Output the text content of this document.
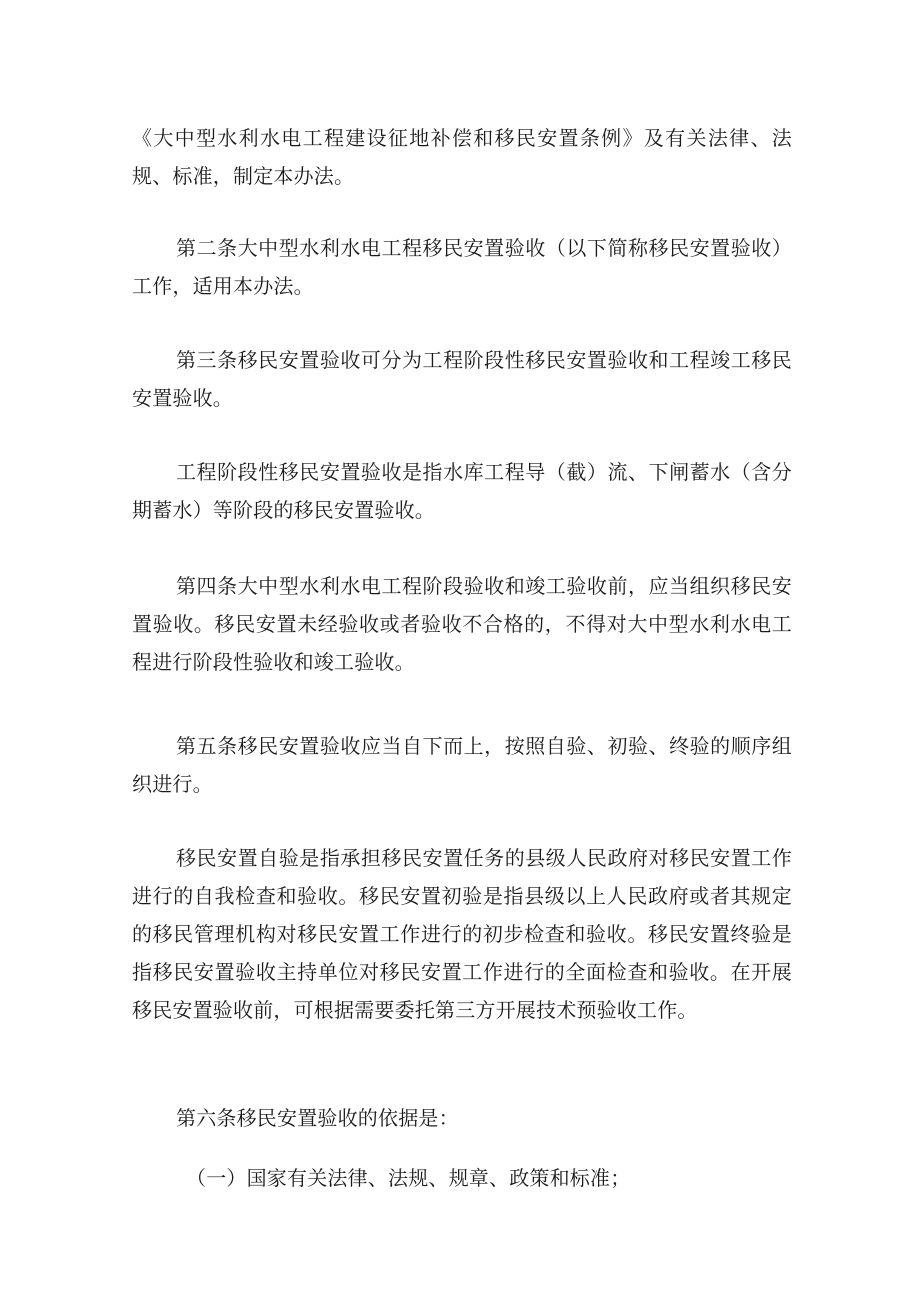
《大中型水利水电工程建设征地补偿和移民安置条例》及有关法律、法规、标准，制定本办法。

第二条大中型水利水电工程移民安置验收（以下简称移民安置验收）工作，适用本办法。

第三条移民安置验收可分为工程阶段性移民安置验收和工程竣工移民安置验收。

工程阶段性移民安置验收是指水库工程导（截）流、下闸蓄水（含分期蓄水）等阶段的移民安置验收。

第四条大中型水利水电工程阶段验收和竣工验收前，应当组织移民安置验收。移民安置未经验收或者验收不合格的，不得对大中型水利水电工程进行阶段性验收和竣工验收。

第五条移民安置验收应当自下而上，按照自验、初验、终验的顺序组织进行。

移民安置自验是指承担移民安置任务的县级人民政府对移民安置工作进行的自我检查和验收。移民安置初验是指县级以上人民政府或者其规定的移民管理机构对移民安置工作进行的初步检查和验收。移民安置终验是指移民安置验收主持单位对移民安置工作进行的全面检查和验收。在开展移民安置验收前，可根据需要委托第三方开展技术预验收工作。

第六条移民安置验收的依据是：

（一）国家有关法律、法规、规章、政策和标准；
